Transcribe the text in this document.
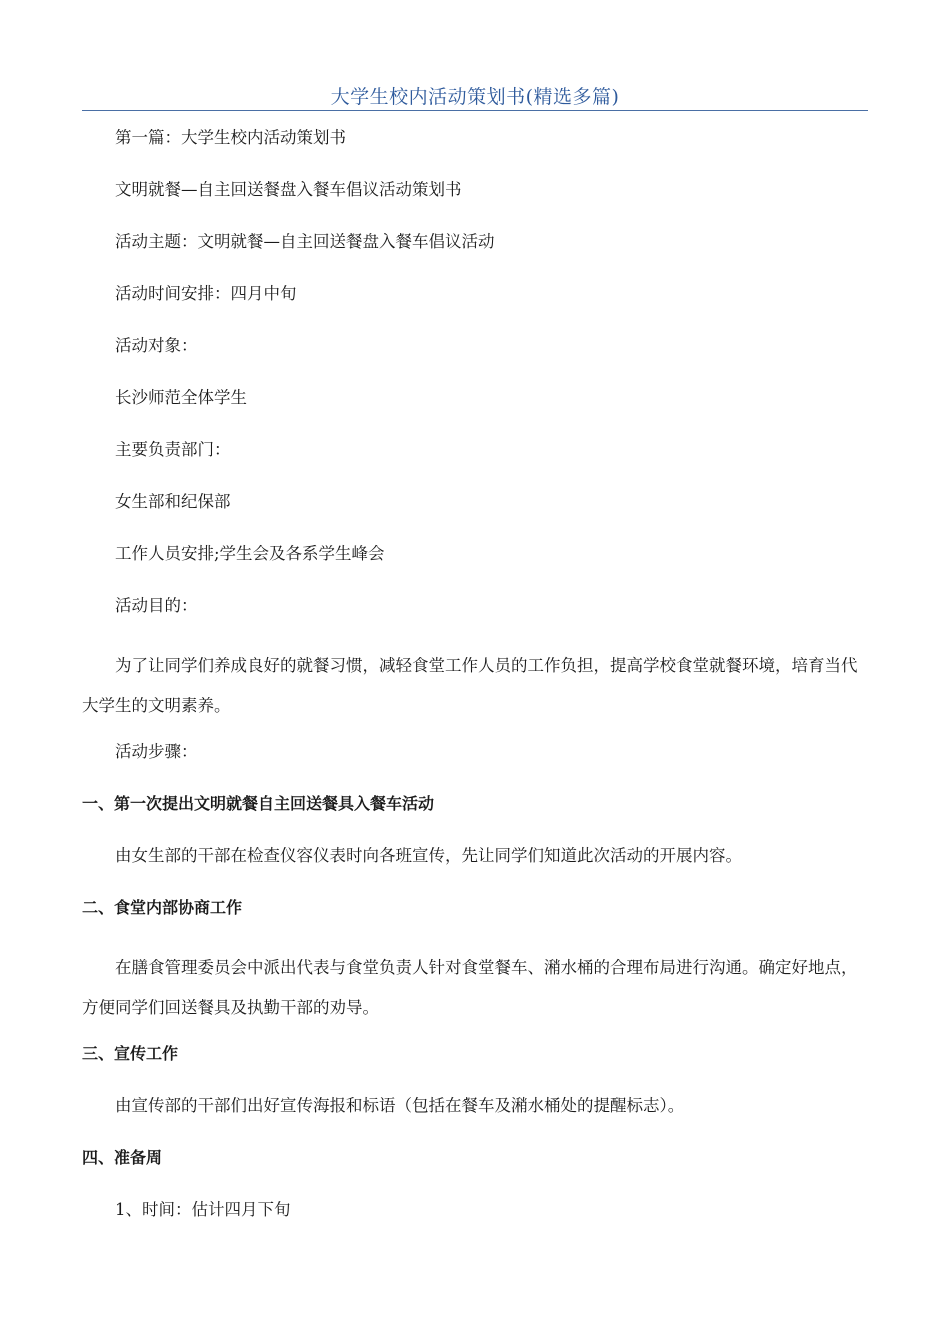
大学生校内活动策划书(精选多篇)

第一篇：大学生校内活动策划书

文明就餐—自主回送餐盘入餐车倡议活动策划书

活动主题：文明就餐—自主回送餐盘入餐车倡议活动

活动时间安排：四月中旬

活动对象：

长沙师范全体学生

主要负责部门：

女生部和纪保部

工作人员安排;学生会及各系学生峰会

活动目的：

为了让同学们养成良好的就餐习惯，减轻食堂工作人员的工作负担，提高学校食堂就餐环境，培育当代大学生的文明素养。

活动步骤：

一、第一次提出文明就餐自主回送餐具入餐车活动

由女生部的干部在检查仪容仪表时向各班宣传，先让同学们知道此次活动的开展内容。

二、食堂内部协商工作

在膳食管理委员会中派出代表与食堂负责人针对食堂餐车、潲水桶的合理布局进行沟通。确定好地点，方便同学们回送餐具及执勤干部的劝导。

三、宣传工作

由宣传部的干部们出好宣传海报和标语（包括在餐车及潲水桶处的提醒标志）。

四、准备周

1、时间：估计四月下旬
